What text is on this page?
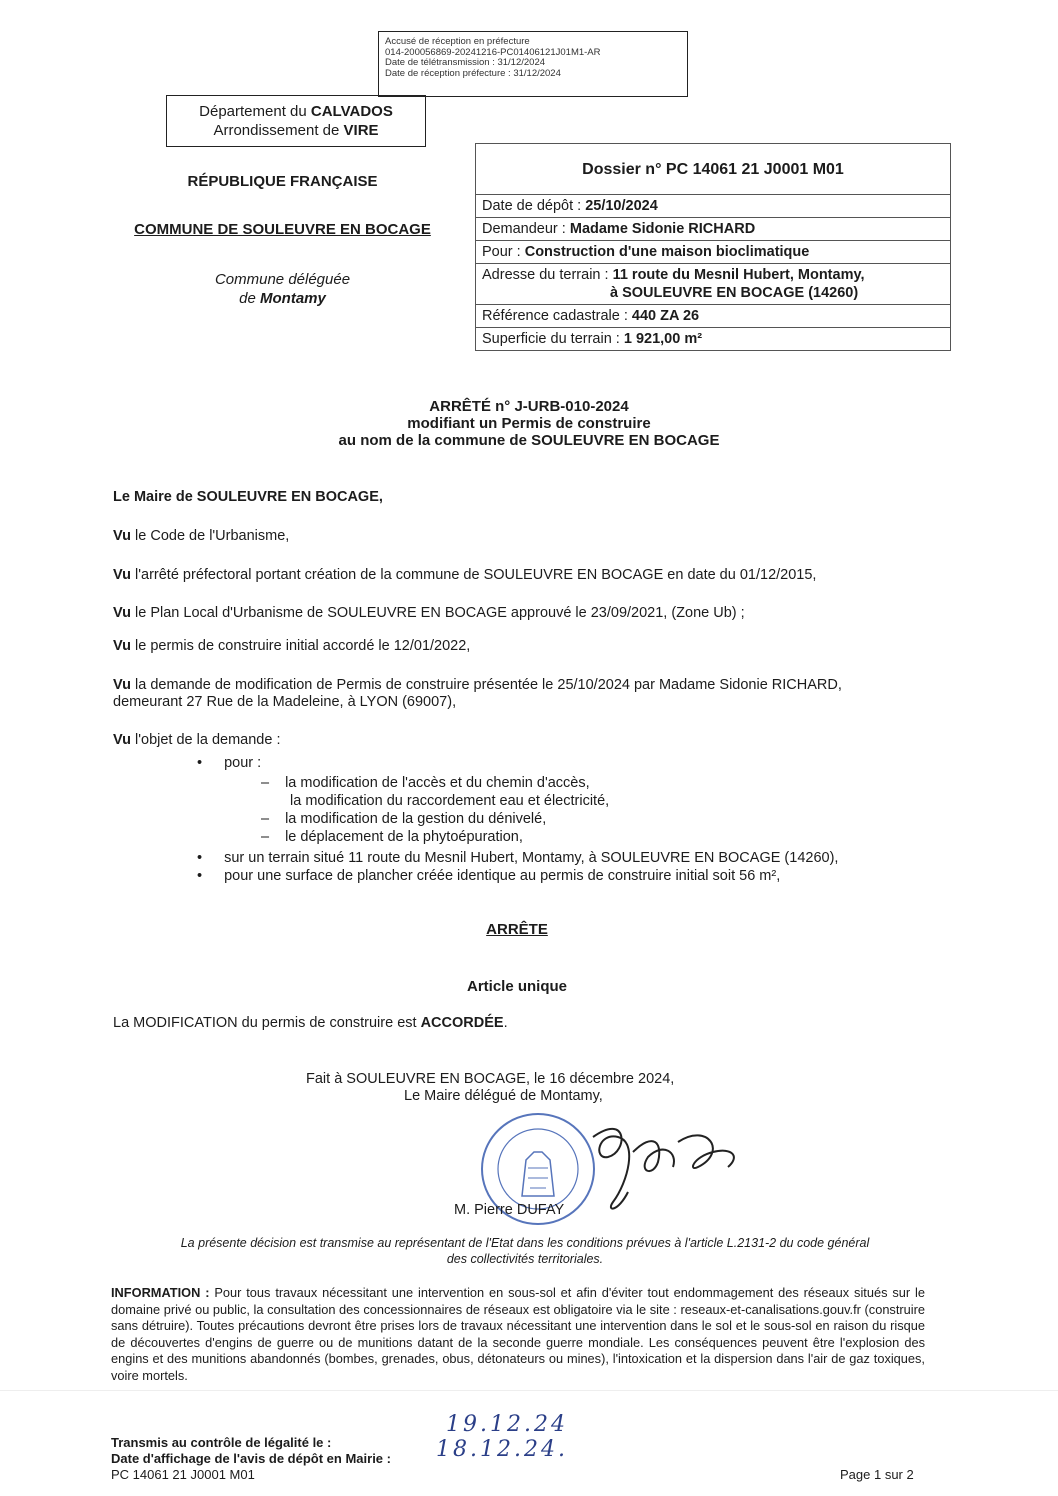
Accusé de réception en préfecture
014-200056869-20241216-PC01406121J01M1-AR
Date de télétransmission : 31/12/2024
Date de réception préfecture : 31/12/2024
Département du CALVADOS
Arrondissement de VIRE
RÉPUBLIQUE FRANÇAISE
COMMUNE DE SOULEUVRE EN BOCAGE
Commune déléguée
de Montamy
Dossier n° PC 14061 21 J0001 M01
Date de dépôt : 25/10/2024
Demandeur : Madame Sidonie RICHARD
Pour : Construction d'une maison bioclimatique
Adresse du terrain : 11 route du Mesnil Hubert, Montamy,
à SOULEUVRE EN BOCAGE (14260)
Référence cadastrale : 440 ZA 26
Superficie du terrain : 1 921,00 m²
ARRÊTÉ n° J-URB-010-2024
modifiant un Permis de construire
au nom de la commune de SOULEUVRE EN BOCAGE
Le Maire de SOULEUVRE EN BOCAGE,
Vu le Code de l'Urbanisme,
Vu l'arrêté préfectoral portant création de la commune de SOULEUVRE EN BOCAGE en date du 01/12/2015,
Vu le Plan Local d'Urbanisme de SOULEUVRE EN BOCAGE approuvé le 23/09/2021, (Zone Ub) ;
Vu le permis de construire initial accordé le 12/01/2022,
Vu la demande de modification de Permis de construire présentée le 25/10/2024 par Madame Sidonie RICHARD,
demeurant 27 Rue de la Madeleine, à LYON (69007),
Vu l'objet de la demande :
• pour :
– la modification de l'accès et du chemin d'accès,
la modification du raccordement eau et électricité,
– la modification de la gestion du dénivelé,
– le déplacement de la phytoépuration,
• sur un terrain situé 11 route du Mesnil Hubert, Montamy, à SOULEUVRE EN BOCAGE (14260),
• pour une surface de plancher créée identique au permis de construire initial soit 56 m²,
ARRÊTE
Article unique
La MODIFICATION du permis de construire est ACCORDÉE.
Fait à SOULEUVRE EN BOCAGE, le 16 décembre 2024,
Le Maire délégué de Montamy,
M. Pierre DUFAY
La présente décision est transmise au représentant de l'Etat dans les conditions prévues à l'article L.2131-2 du code général
des collectivités territoriales.
INFORMATION : Pour tous travaux nécessitant une intervention en sous-sol et afin d'éviter tout endommagement des réseaux situés sur le domaine privé ou public, la consultation des concessionnaires de réseaux est obligatoire via le site : reseaux-et-canalisations.gouv.fr (construire sans détruire). Toutes précautions devront être prises lors de travaux nécessitant une intervention dans le sol et le sous-sol en raison du risque de découvertes d'engins de guerre ou de munitions datant de la seconde guerre mondiale. Les conséquences peuvent être l'explosion des engins et des munitions abandonnés (bombes, grenades, obus, détonateurs ou mines), l'intoxication et la dispersion dans l'air de gaz toxiques, voire mortels.
Transmis au contrôle de légalité le :
Date d'affichage de l'avis de dépôt en Mairie :
PC 14061 21 J0001 M01
19.12.24
18.12.24.
Page 1 sur 2
